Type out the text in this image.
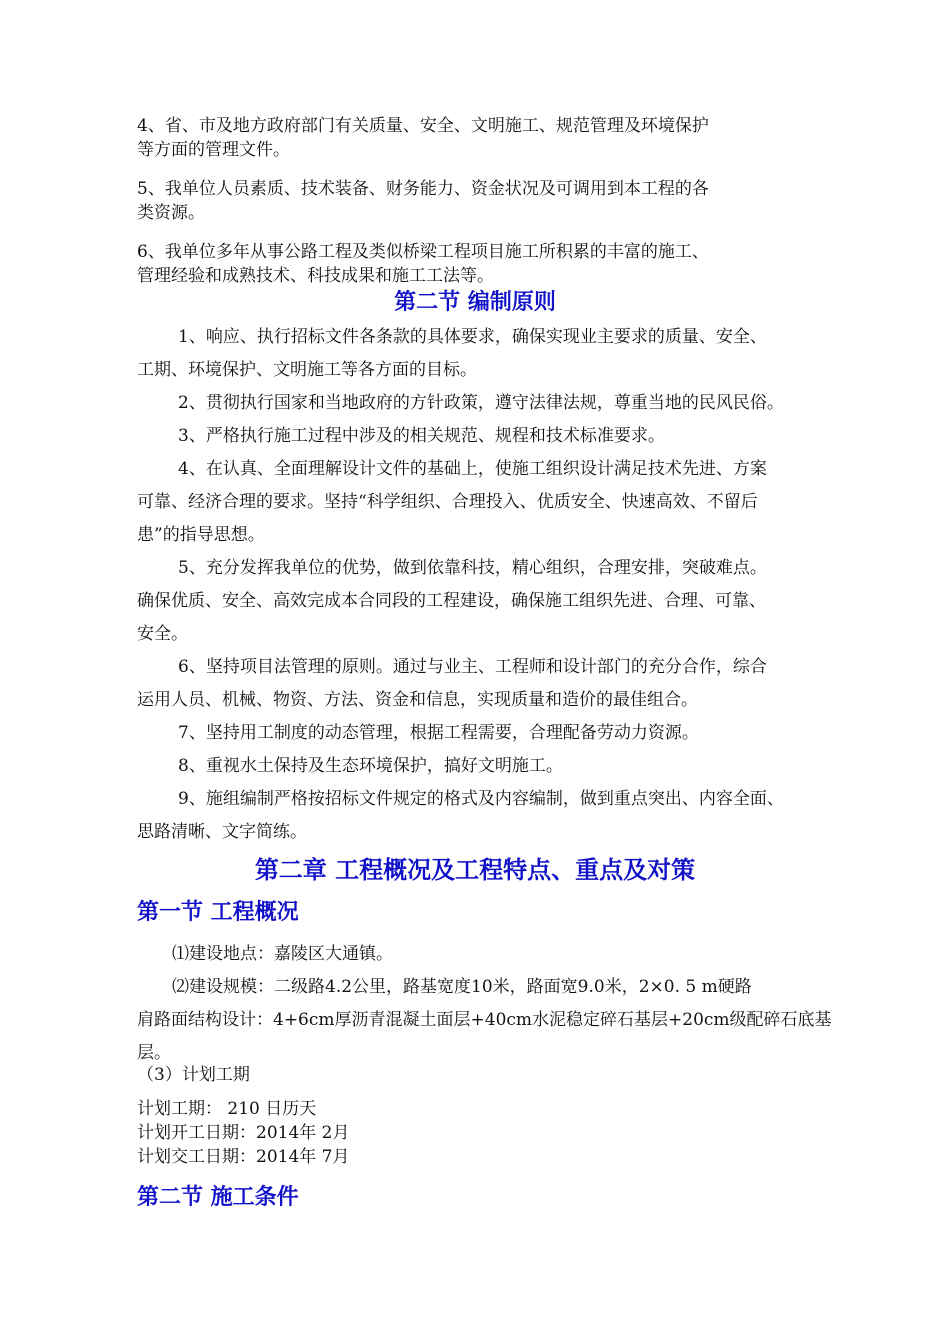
4、省、市及地方政府部门有关质量、安全、文明施工、规范管理及环境保护
等方面的管理文件。
5、我单位人员素质、技术装备、财务能力、资金状况及可调用到本工程的各
类资源。
6、我单位多年从事公路工程及类似桥梁工程项目施工所积累的丰富的施工、
管理经验和成熟技术、科技成果和施工工法等。
第二节 编制原则
1、响应、执行招标文件各条款的具体要求，确保实现业主要求的质量、安全、
工期、环境保护、文明施工等各方面的目标。
2、贯彻执行国家和当地政府的方针政策，遵守法律法规，尊重当地的民风民俗。
3、严格执行施工过程中涉及的相关规范、规程和技术标准要求。
4、在认真、全面理解设计文件的基础上，使施工组织设计满足技术先进、方案
可靠、经济合理的要求。坚持“科学组织、合理投入、优质安全、快速高效、不留后
患”的指导思想。
5、充分发挥我单位的优势，做到依靠科技，精心组织，合理安排，突破难点。
确保优质、安全、高效完成本合同段的工程建设，确保施工组织先进、合理、可靠、
安全。
6、坚持项目法管理的原则。通过与业主、工程师和设计部门的充分合作，综合
运用人员、机械、物资、方法、资金和信息，实现质量和造价的最佳组合。
7、坚持用工制度的动态管理，根据工程需要，合理配备劳动力资源。
8、重视水土保持及生态环境保护，搞好文明施工。
9、施组编制严格按招标文件规定的格式及内容编制，做到重点突出、内容全面、
思路清晰、文字简练。
第二章 工程概况及工程特点、重点及对策
第一节 工程概况
⑴建设地点：嘉陵区大通镇。
⑵建设规模：二级路4.2公里，路基宽度10米，路面宽9.0米，2×0. 5 m硬路
肩路面结构设计：4+6cm厚沥青混凝土面层+40cm水泥稳定碎石基层+20cm级配碎石底基
层。
（3）计划工期
计划工期： 210 日历天
计划开工日期：2014年 2月
计划交工日期：2014年 7月
第二节 施工条件
